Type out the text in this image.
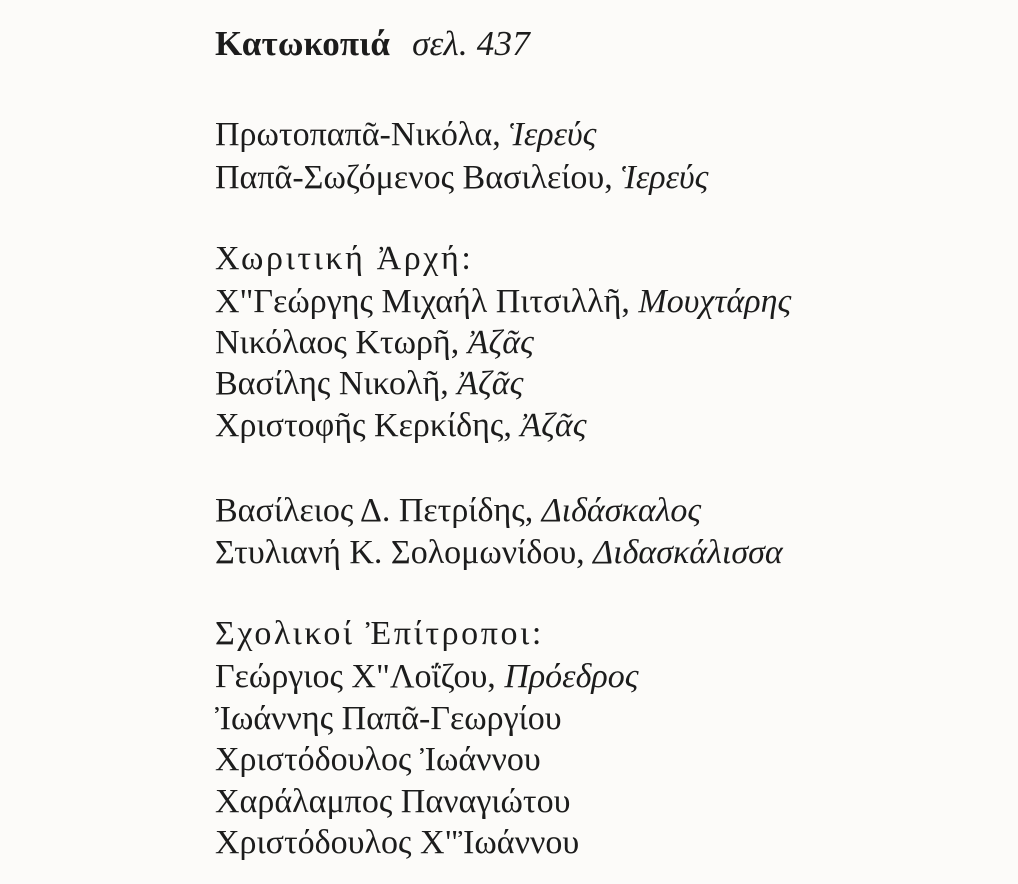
Κατωκοπιά σελ. 437
Πρωτοπαπᾶ-Νικόλα, Ἱερεύς
Παπᾶ-Σωζόμενος Βασιλείου, Ἱερεύς
Χωριτική Ἀρχή:
Χ"Γεώργης Μιχαήλ Πιτσιλλῆ, Μουχτάρης
Νικόλαος Κτωρῆ, Ἀζᾶς
Βασίλης Νικολῆ, Ἀζᾶς
Χριστοφῆς Κερκίδης, Ἀζᾶς
Βασίλειος Δ. Πετρίδης, Διδάσκαλος
Στυλιανή Κ. Σολομωνίδου, Διδασκάλισσα
Σχολικοί Ἐπίτροποι:
Γεώργιος Χ"Λοΐζου, Πρόεδρος
Ἰωάννης Παπᾶ-Γεωργίου
Χριστόδουλος Ἰωάννου
Χαράλαμπος Παναγιώτου
Χριστόδουλος Χ"Ἰωάννου
